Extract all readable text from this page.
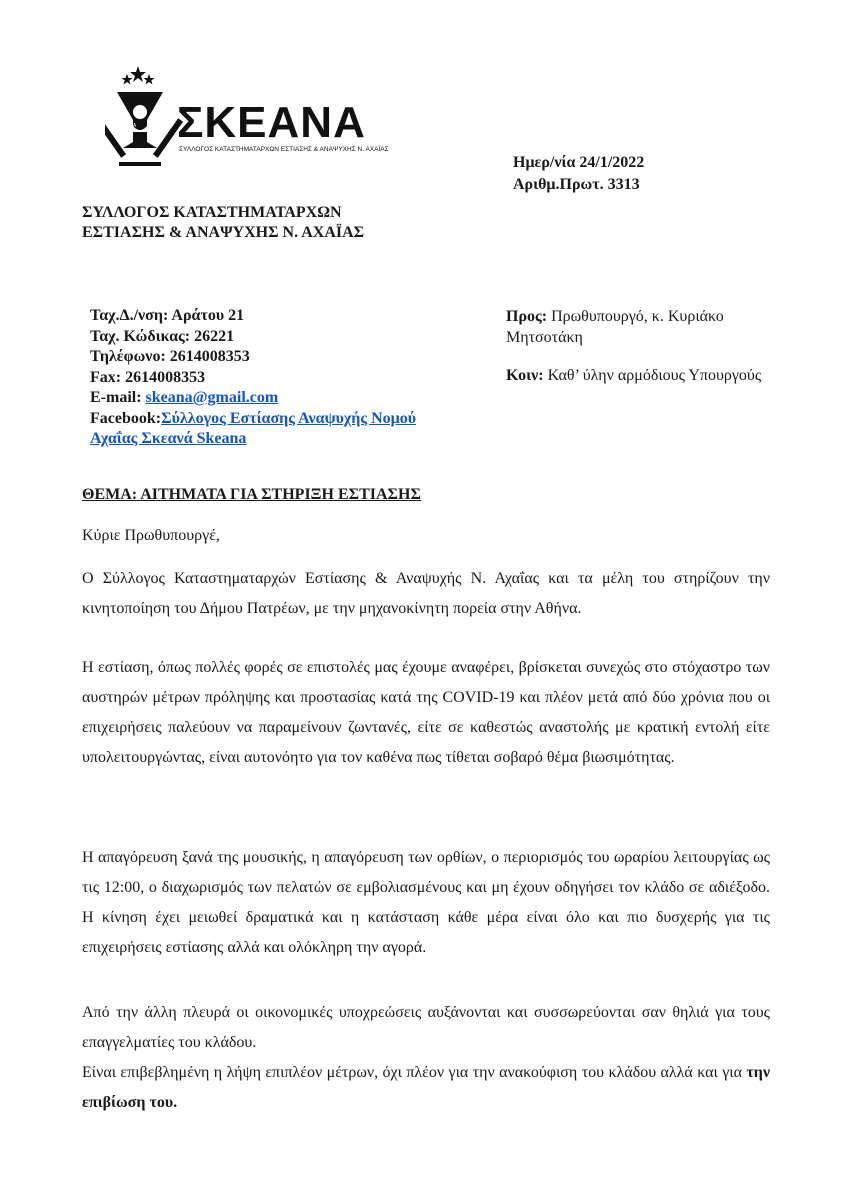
ΣΚΕ ΑΝΑ ΣΚΕΑΝΑ
ΣΥΛΛΟΓΟΣ ΚΑΤΑΣΤΗΜΑΤΑΡΧΩΝ ΕΣΤΙΑΣΗΣ & ΑΝΑΨΥΧΗΣ Ν. ΑΧΑΪΑΣ
Ημερ/νία 24/1/2022
Αριθμ.Πρωτ. 3313
ΣΥΛΛΟΓΟΣ ΚΑΤΑΣΤΗΜΑΤΑΡΧΩΝ
ΕΣΤΙΑΣΗΣ & ΑΝΑΨΥΧΗΣ Ν. ΑΧΑΪΑΣ
Ταχ.Δ./νση: Αράτου 21
Ταχ. Κώδικας: 26221
Τηλέφωνο: 2614008353
Fax: 2614008353
E-mail: skeana@gmail.com
Facebook:Σύλλογος Εστίασης Αναψυχής Νομού
Αχαΐας Σκεανά Skeana
Προς: Πρωθυπουργό, κ. Κυριάκο Μητσοτάκη
Κοιν: Καθ’ ύλην αρμόδιους Υπουργούς
ΘΕΜΑ: ΑΙΤΗΜΑΤΑ ΓΙΑ ΣΤΗΡΙΞΗ ΕΣΤΙΑΣΗΣ
Κύριε Πρωθυπουργέ,
Ο Σύλλογος Καταστηματαρχών Εστίασης & Αναψυχής Ν. Αχαΐας και τα μέλη του στηρίζουν την κινητοποίηση του Δήμου Πατρέων, με την μηχανοκίνητη πορεία στην Αθήνα.
Η εστίαση, όπως πολλές φορές σε επιστολές μας έχουμε αναφέρει, βρίσκεται συνεχώς στο στόχαστρο των αυστηρών μέτρων πρόληψης και προστασίας κατά της COVID-19 και πλέον μετά από δύο χρόνια που οι επιχειρήσεις παλεύουν να παραμείνουν ζωντανές, είτε σε καθεστώς αναστολής με κρατική εντολή είτε υπολειτουργώντας, είναι αυτονόητο για τον καθένα πως τίθεται σοβαρό θέμα βιωσιμότητας.
Η απαγόρευση ξανά της μουσικής, η απαγόρευση των ορθίων, ο περιορισμός του ωραρίου λειτουργίας ως τις 12:00, ο διαχωρισμός των πελατών σε εμβολιασμένους και μη έχουν οδηγήσει τον κλάδο σε αδιέξοδο. Η κίνηση έχει μειωθεί δραματικά και η κατάσταση κάθε μέρα είναι όλο και πιο δυσχερής για τις επιχειρήσεις εστίασης αλλά και ολόκληρη την αγορά.
Από την άλλη πλευρά οι οικονομικές υποχρεώσεις αυξάνονται και συσσωρεύονται σαν θηλιά για τους επαγγελματίες του κλάδου.
Είναι επιβεβλημένη η λήψη επιπλέον μέτρων, όχι πλέον για την ανακούφιση του κλάδου αλλά και για την επιβίωση του.
